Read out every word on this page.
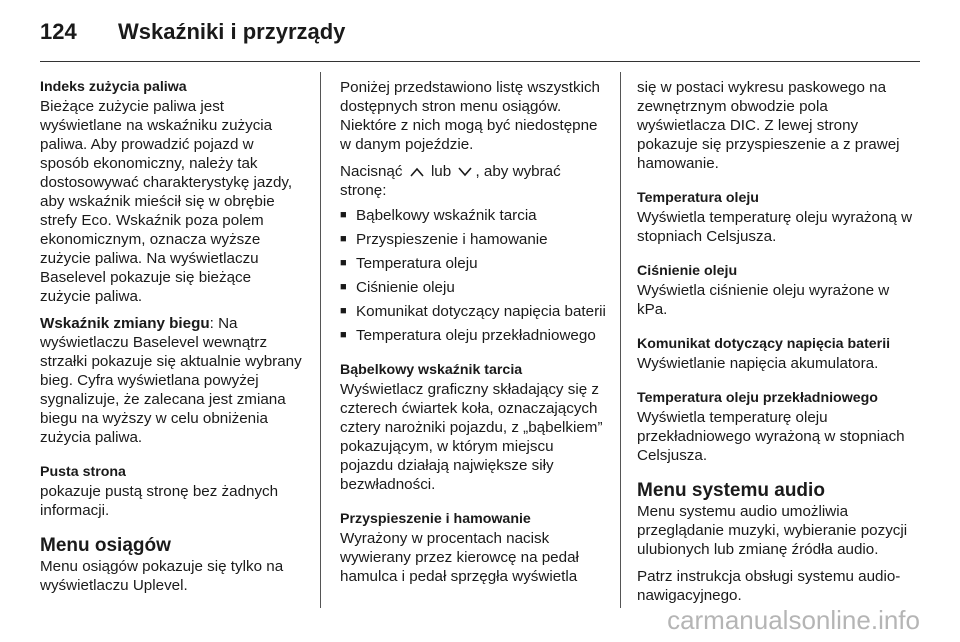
124	Wskaźniki i przyrządy

Indeks zużycia paliwa

Bieżące zużycie paliwa jest wyświetlane na wskaźniku zużycia paliwa. Aby prowadzić pojazd w sposób ekonomiczny, należy tak dostosowywać charakterystykę jazdy, aby wskaźnik mieścił się w obrębie strefy Eco. Wskaźnik poza polem ekonomicznym, oznacza wyższe zużycie paliwa. Na wyświetlaczu Baselevel pokazuje się bieżące zużycie paliwa.

Wskaźnik zmiany biegu: Na wyświetlaczu Baselevel wewnątrz strzałki pokazuje się aktualnie wybrany bieg. Cyfra wyświetlana powyżej sygnalizuje, że zalecana jest zmiana biegu na wyższy w celu obniżenia zużycia paliwa.

Pusta strona

pokazuje pustą stronę bez żadnych informacji.

Menu osiągów

Menu osiągów pokazuje się tylko na wyświetlaczu Uplevel.

Poniżej przedstawiono listę wszystkich dostępnych stron menu osiągów. Niektóre z nich mogą być niedostępne w danym pojeździe.

Nacisnąć lub , aby wybrać stronę:

■ Bąbelkowy wskaźnik tarcia
■ Przyspieszenie i hamowanie
■ Temperatura oleju
■ Ciśnienie oleju
■ Komunikat dotyczący napięcia baterii
■ Temperatura oleju przekładniowego

Bąbelkowy wskaźnik tarcia

Wyświetlacz graficzny składający się z czterech ćwiartek koła, oznaczających cztery narożniki pojazdu, z „bąbelkiem” pokazującym, w którym miejscu pojazdu działają największe siły bezwładności.

Przyspieszenie i hamowanie

Wyrażony w procentach nacisk wywierany przez kierowcę na pedał hamulca i pedał sprzęgła wyświetla

się w postaci wykresu paskowego na zewnętrznym obwodzie pola wyświetlacza DIC. Z lewej strony pokazuje się przyspieszenie a z prawej hamowanie.

Temperatura oleju

Wyświetla temperaturę oleju wyrażoną w stopniach Celsjusza.

Ciśnienie oleju

Wyświetla ciśnienie oleju wyrażone w kPa.

Komunikat dotyczący napięcia baterii

Wyświetlanie napięcia akumulatora.

Temperatura oleju przekładniowego

Wyświetla temperaturę oleju przekładniowego wyrażoną w stopniach Celsjusza.

Menu systemu audio

Menu systemu audio umożliwia przeglądanie muzyki, wybieranie pozycji ulubionych lub zmianę źródła audio.

Patrz instrukcja obsługi systemu audio-nawigacyjnego.

carmanualsonline.info
